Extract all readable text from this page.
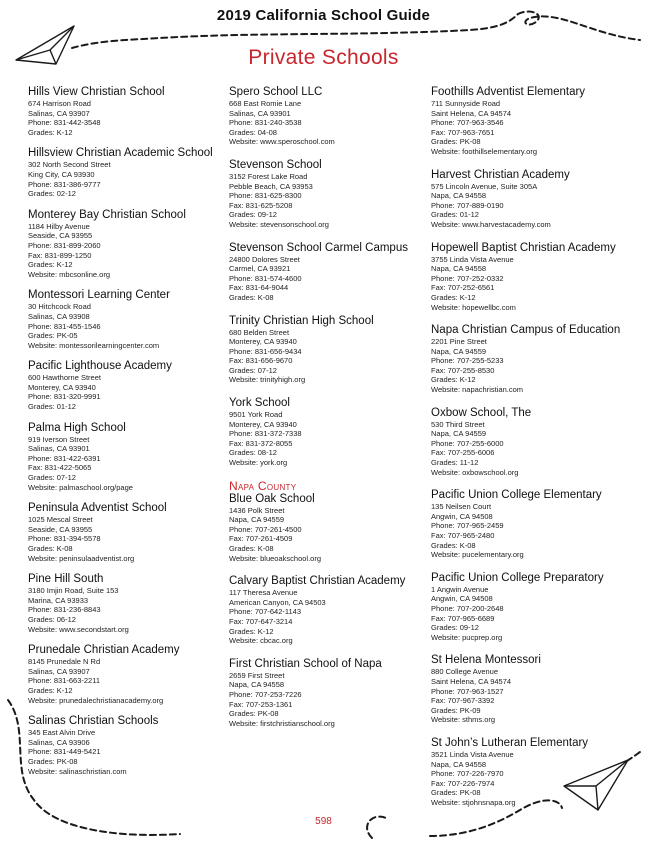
2019 California School Guide
Private Schools
Hills View Christian School
674 Harrison Road
Salinas, CA 93907
Phone: 831-442-3548
Grades: K-12
Hillsview Christian Academic School
302 North Second Street
King City, CA 93930
Phone: 831-386-9777
Grades: 02-12
Monterey Bay Christian School
1184 Hilby Avenue
Seaside, CA 93955
Phone: 831-899-2060
Fax: 831-899-1250
Grades: K-12
Website: mbcsonline.org
Montessori Learning Center
30 Hitchcock Road
Salinas, CA 93908
Phone: 831-455-1546
Grades: PK-05
Website: montessorilearningcenter.com
Pacific Lighthouse Academy
600 Hawthorne Street
Monterey, CA 93940
Phone: 831-320-9991
Grades: 01-12
Palma High School
919 Iverson Street
Salinas, CA 93901
Phone: 831-422-6391
Fax: 831-422-5065
Grades: 07-12
Website: palmaschool.org/page
Peninsula Adventist School
1025 Mescal Street
Seaside, CA 93955
Phone: 831-394-5578
Grades: K-08
Website: peninsulaadventist.org
Pine Hill South
3180 Imjin Road, Suite 153
Marina, CA 93933
Phone: 831-236-8843
Grades: 06-12
Website: www.secondstart.org
Prunedale Christian Academy
8145 Prunedale N Rd
Salinas, CA 93907
Phone: 831-663-2211
Grades: K-12
Website: prunedalechristianacademy.org
Salinas Christian Schools
345 East Alvin Drive
Salinas, CA 93906
Phone: 831-449-5421
Grades: PK-08
Website: salinaschristian.com
Spero School LLC
668 East Romie Lane
Salinas, CA 93901
Phone: 831-240-3538
Grades: 04-08
Website: www.speroschool.com
Stevenson School
3152 Forest Lake Road
Pebble Beach, CA 93953
Phone: 831-625-8300
Fax: 831-625-5208
Grades: 09-12
Website: stevensonschool.org
Stevenson School Carmel Campus
24800 Dolores Street
Carmel, CA 93921
Phone: 831-574-4600
Fax: 831-64-9044
Grades: K-08
Trinity Christian High School
680 Belden Street
Monterey, CA 93940
Phone: 831-656-9434
Fax: 831-656-9670
Grades: 07-12
Website: trinityhigh.org
York School
9501 York Road
Monterey, CA 93940
Phone: 831-372-7338
Fax: 831-372-8055
Grades: 08-12
Website: york.org
Napa County
Blue Oak School
1436 Polk Street
Napa, CA 94559
Phone: 707-261-4500
Fax: 707-261-4509
Grades: K-08
Website: blueoakschool.org
Calvary Baptist Christian Academy
117 Theresa Avenue
American Canyon, CA 94503
Phone: 707-642-1143
Fax: 707-647-3214
Grades: K-12
Website: cbcac.org
First Christian School of Napa
2659 First Street
Napa, CA 94558
Phone: 707-253-7226
Fax: 707-253-1361
Grades: PK-08
Website: firstchristianschool.org
Foothills Adventist Elementary
711 Sunnyside Road
Saint Helena, CA 94574
Phone: 707-963-3546
Fax: 707-963-7651
Grades: PK-08
Website: foothillselementary.org
Harvest Christian Academy
575 Lincoln Avenue, Suite 305A
Napa, CA 94558
Phone: 707-889-0190
Grades: 01-12
Website: www.harvestacademy.com
Hopewell Baptist Christian Academy
3755 Linda Vista Avenue
Napa, CA 94558
Phone: 707-252-0332
Fax: 707-252-6561
Grades: K-12
Website: hopewellbc.com
Napa Christian Campus of Education
2201 Pine Street
Napa, CA 94559
Phone: 707-255-5233
Fax: 707-255-8530
Grades: K-12
Website: napachristian.com
Oxbow School, The
530 Third Street
Napa, CA 94559
Phone: 707-255-6000
Fax: 707-255-6006
Grades: 11-12
Website: oxbowschool.org
Pacific Union College Elementary
135 Neilsen Court
Angwin, CA 94508
Phone: 707-965-2459
Fax: 707-965-2480
Grades: K-08
Website: pucelementary.org
Pacific Union College Preparatory
1 Angwin Avenue
Angwin, CA 94508
Phone: 707-200-2648
Fax: 707-965-6689
Grades: 09-12
Website: pucprep.org
St Helena Montessori
880 College Avenue
Saint Helena, CA 94574
Phone: 707-963-1527
Fax: 707-967-3392
Grades: PK-09
Website: sthms.org
St John’s Lutheran Elementary
3521 Linda Vista Avenue
Napa, CA 94558
Phone: 707-226-7970
Fax: 707-226-7974
Grades: PK-08
Website: stjohnsnapa.org
598
